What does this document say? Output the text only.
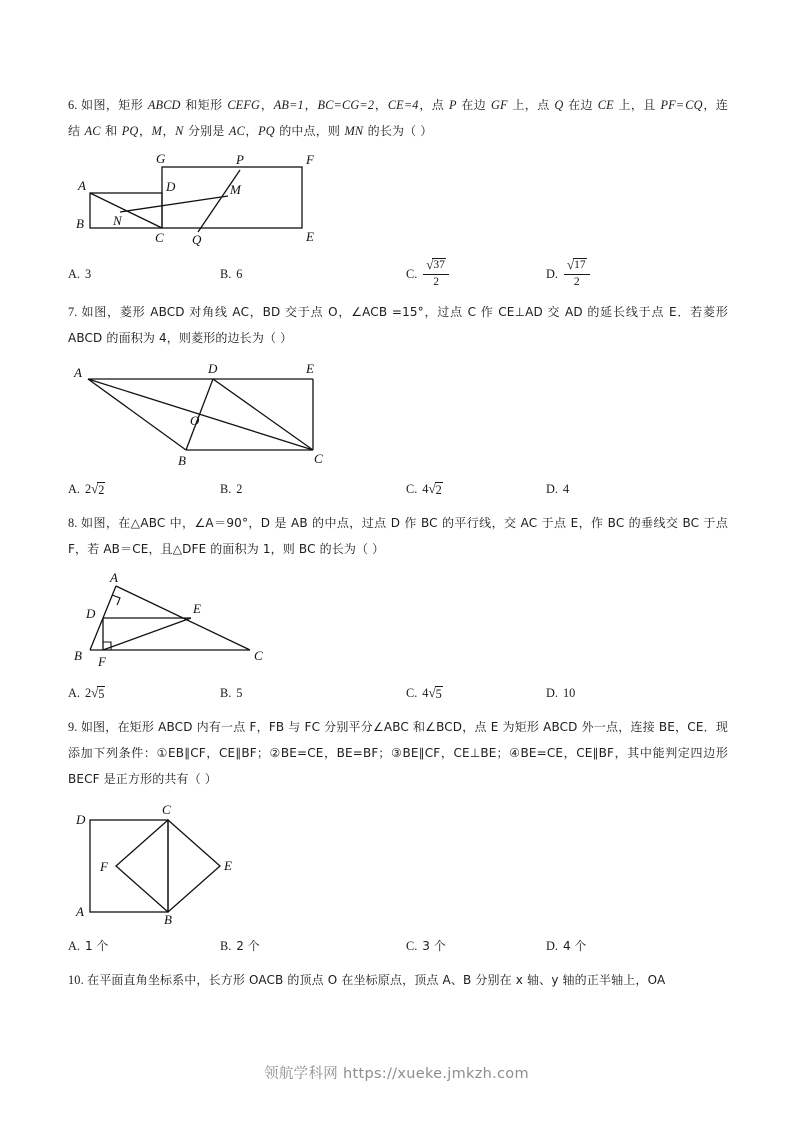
6. 如图，矩形 ABCD 和矩形 CEFG，AB=1，BC=CG=2，CE=4，点 P 在边 GF 上，点 Q 在边 CE 上，且 PF=CQ，连结 AC 和 PQ，M，N 分别是 AC，PQ 的中点，则 MN 的长为（ ）
G	P	F
A	D	M
B N
C Q	E
A. 3	B. 6	C. $\frac{√ 37}{2}$	D. $\frac{√ 17}{2}$
7. 如图，菱形 ABCD 对角线 AC，BD 交于点 O，∠ACB =15°，过点 C 作 CE⊥AD 交 AD 的延长线于点 E．若菱形 ABCD 的面积为 4，则菱形的边长为（ ）
A	D	E
O
B	C
A. 2 √ 2	B. 2	C. 4 √ 2	D. 4
8. 如图，在△ABC 中，∠A＝90°，D 是 AB 的中点，过点 D 作 BC 的平行线，交 AC 于点 E，作 BC 的垂线交 BC 于点 F，若 AB＝CE，且△DFE 的面积为 1，则 BC 的长为（ ）
A
D	E
B F	C
A. 2 √ 5	B. 5	C. 4 √ 5	D. 10
9. 如图，在矩形 ABCD 内有一点 F，FB 与 FC 分别平分∠ABC 和∠BCD，点 E 为矩形 ABCD 外一点，连接 BE，CE．现添加下列条件：①EB∥CF，CE∥BF；②BE=CE，BE=BF；③BE∥CF，CE⊥BE；④BE=CE，CE∥BF，其中能判定四边形 BECF 是正方形的共有（ ）
D
C
F	E
A
B
A. 1 个	B. 2 个	C. 3 个	D. 4 个
10. 在平面直角坐标系中，长方形 OACB 的顶点 O 在坐标原点，顶点 A、B 分别在 x 轴、y 轴的正半轴上，OA
领航学科网 https://xueke.jmkzh.com
